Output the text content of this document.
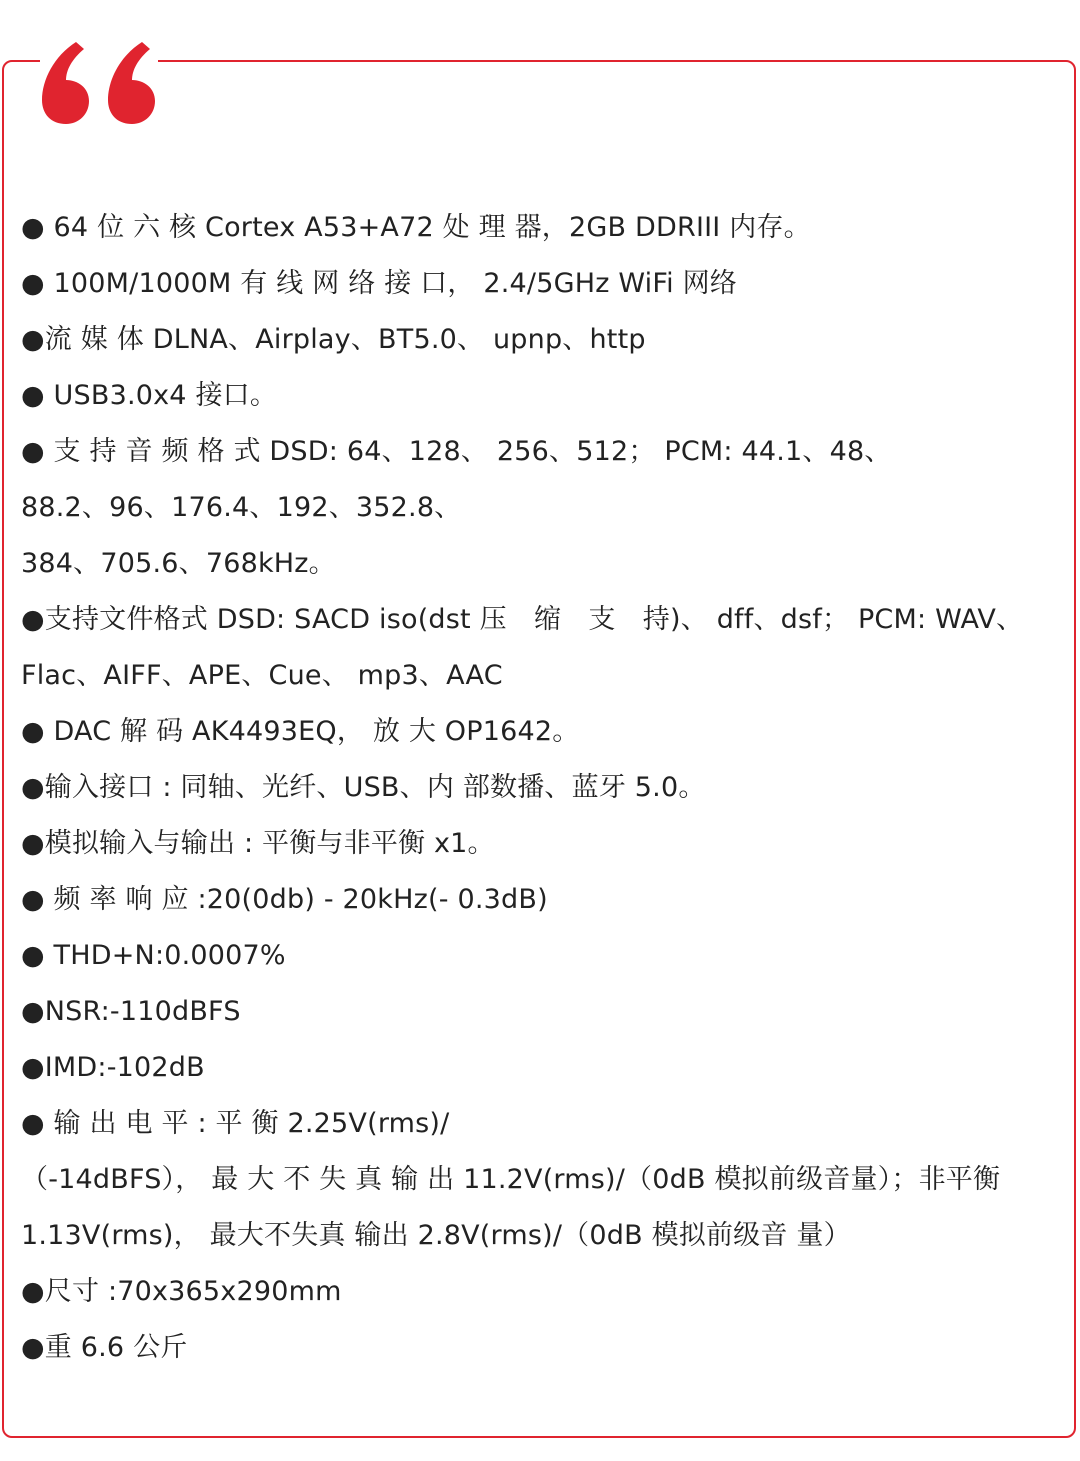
● 64 位 六 核 Cortex A53+A72 处 理 器，2GB DDRIII 内存。
● 100M/1000M 有 线 网 络 接 口， 2.4/5GHz WiFi 网络
●流 媒 体 DLNA、Airplay、BT5.0、 upnp、http
● USB3.0x4 接口。
● 支 持 音 频 格 式 DSD: 64、128、 256、512； PCM: 44.1、48、
88.2、96、176.4、192、352.8、
384、705.6、768kHz。
●支持文件格式 DSD: SACD iso(dst 压　缩　支　持)、 dff、dsf； PCM: WAV、
Flac、AIFF、APE、Cue、 mp3、AAC
● DAC 解 码 AK4493EQ， 放 大 OP1642。
●输入接口 : 同轴、光纤、USB、内 部数播、蓝牙 5.0。
●模拟输入与输出 : 平衡与非平衡 x1。
● 频 率 响 应 :20(0db) - 20kHz(- 0.3dB)
● THD+N:0.0007%
●NSR:-110dBFS
●IMD:-102dB
● 输 出 电 平 : 平 衡 2.25V(rms)/
（-14dBFS）， 最 大 不 失 真 输 出 11.2V(rms)/（0dB 模拟前级音量）；非平衡
1.13V(rms)， 最大不失真 输出 2.8V(rms)/（0dB 模拟前级音 量）
●尺寸 :70x365x290mm
●重 6.6 公斤
